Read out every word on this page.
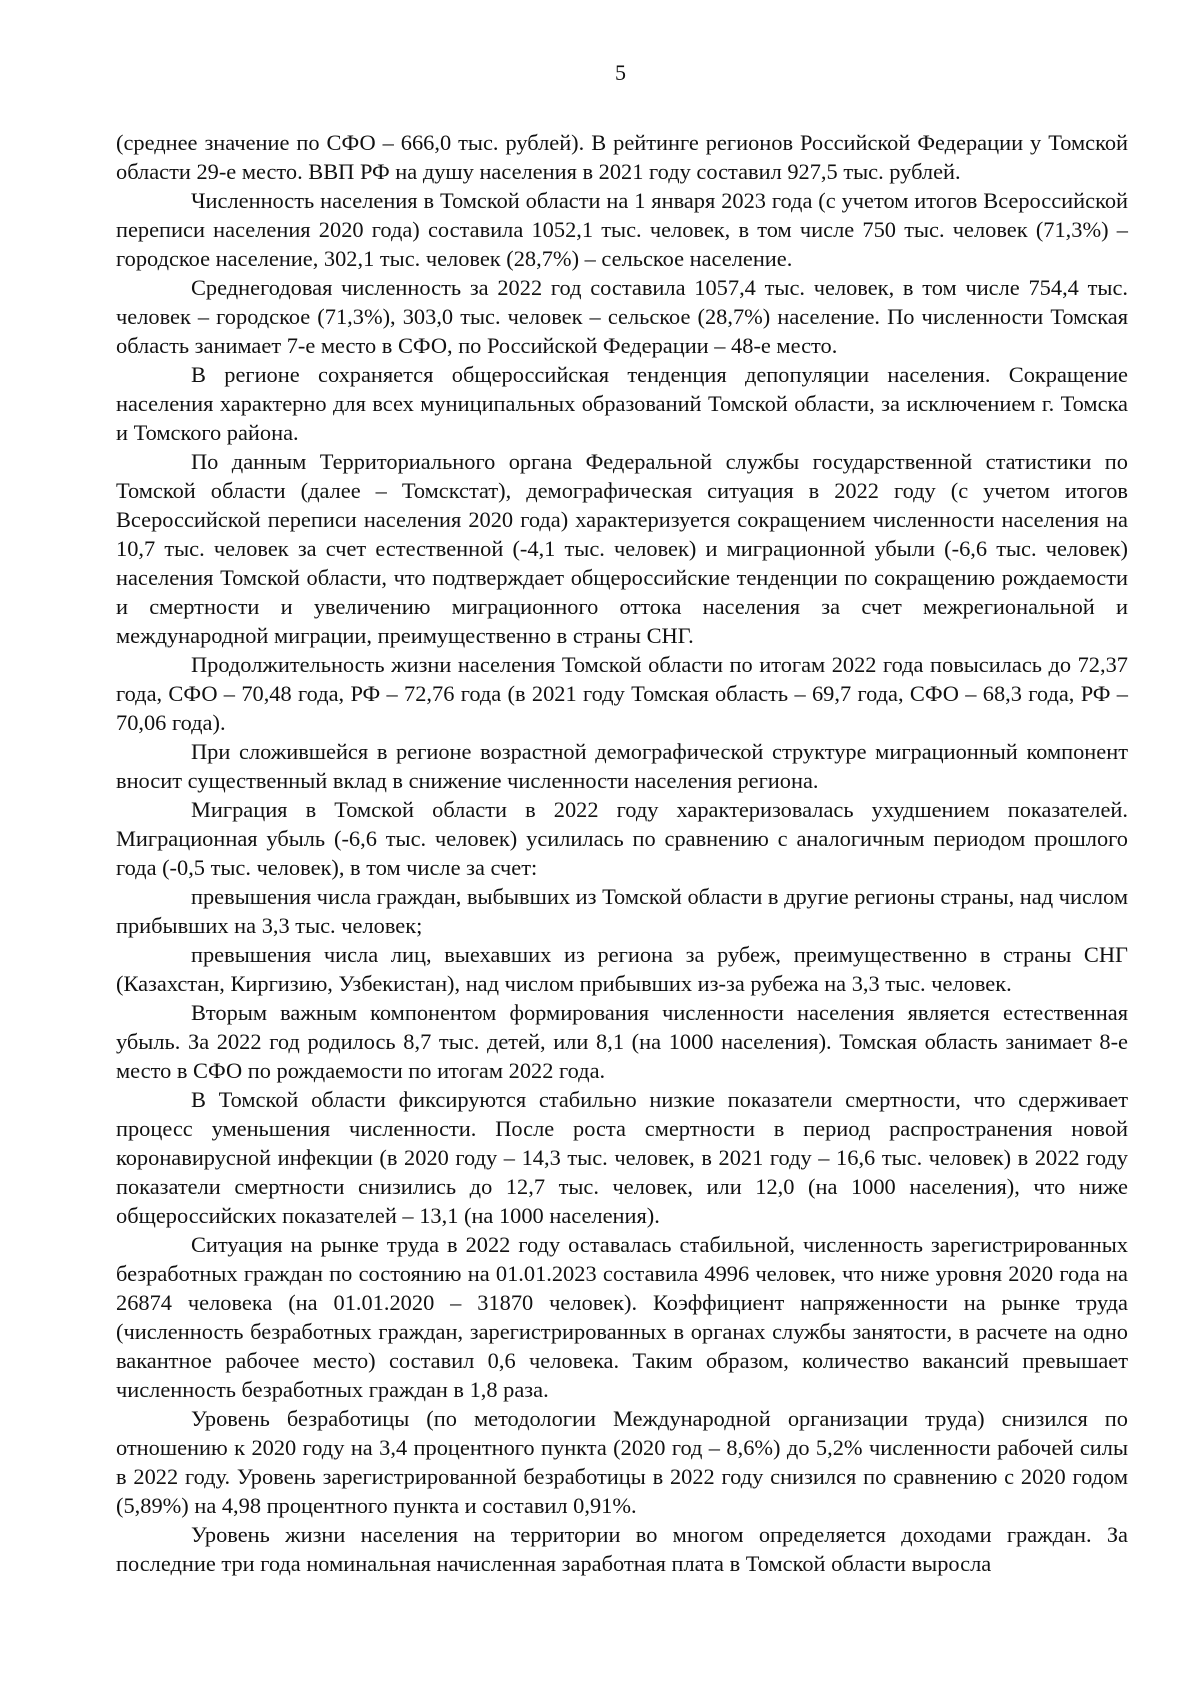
5

(среднее значение по СФО – 666,0 тыс. рублей). В рейтинге регионов Российской Федерации у Томской области 29-е место. ВВП РФ на душу населения в 2021 году составил 927,5 тыс. рублей.

Численность населения в Томской области на 1 января 2023 года (с учетом итогов Всероссийской переписи населения 2020 года) составила 1052,1 тыс. человек, в том числе 750 тыс. человек (71,3%) – городское население, 302,1 тыс. человек (28,7%) – сельское население.

Среднегодовая численность за 2022 год составила 1057,4 тыс. человек, в том числе 754,4 тыс. человек – городское (71,3%), 303,0 тыс. человек – сельское (28,7%) население. По численности Томская область занимает 7-е место в СФО, по Российской Федерации – 48-е место.

В регионе сохраняется общероссийская тенденция депопуляции населения. Сокращение населения характерно для всех муниципальных образований Томской области, за исключением г. Томска и Томского района.

По данным Территориального органа Федеральной службы государственной статистики по Томской области (далее – Томскстат), демографическая ситуация в 2022 году (с учетом итогов Всероссийской переписи населения 2020 года) характеризуется сокращением численности населения на 10,7 тыс. человек за счет естественной (-4,1 тыс. человек) и миграционной убыли (-6,6 тыс. человек) населения Томской области, что подтверждает общероссийские тенденции по сокращению рождаемости и смертности и увеличению миграционного оттока населения за счет межрегиональной и международной миграции, преимущественно в страны СНГ.

Продолжительность жизни населения Томской области по итогам 2022 года повысилась до 72,37 года, СФО – 70,48 года, РФ – 72,76 года (в 2021 году Томская область – 69,7 года, СФО – 68,3 года, РФ – 70,06 года).

При сложившейся в регионе возрастной демографической структуре миграционный компонент вносит существенный вклад в снижение численности населения региона.

Миграция в Томской области в 2022 году характеризовалась ухудшением показателей. Миграционная убыль (-6,6 тыс. человек) усилилась по сравнению с аналогичным периодом прошлого года (-0,5 тыс. человек), в том числе за счет:

превышения числа граждан, выбывших из Томской области в другие регионы страны, над числом прибывших на 3,3 тыс. человек;

превышения числа лиц, выехавших из региона за рубеж, преимущественно в страны СНГ (Казахстан, Киргизию, Узбекистан), над числом прибывших из-за рубежа на 3,3 тыс. человек.

Вторым важным компонентом формирования численности населения является естественная убыль. За 2022 год родилось 8,7 тыс. детей, или 8,1 (на 1000 населения). Томская область занимает 8-е место в СФО по рождаемости по итогам 2022 года.

В Томской области фиксируются стабильно низкие показатели смертности, что сдерживает процесс уменьшения численности. После роста смертности в период распространения новой коронавирусной инфекции (в 2020 году – 14,3 тыс. человек, в 2021 году – 16,6 тыс. человек) в 2022 году показатели смертности снизились до 12,7 тыс. человек, или 12,0 (на 1000 населения), что ниже общероссийских показателей – 13,1 (на 1000 населения).

Ситуация на рынке труда в 2022 году оставалась стабильной, численность зарегистрированных безработных граждан по состоянию на 01.01.2023 составила 4996 человек, что ниже уровня 2020 года на 26874 человека (на 01.01.2020 – 31870 человек). Коэффициент напряженности на рынке труда (численность безработных граждан, зарегистрированных в органах службы занятости, в расчете на одно вакантное рабочее место) составил 0,6 человека. Таким образом, количество вакансий превышает численность безработных граждан в 1,8 раза.

Уровень безработицы (по методологии Международной организации труда) снизился по отношению к 2020 году на 3,4 процентного пункта (2020 год – 8,6%) до 5,2% численности рабочей силы в 2022 году. Уровень зарегистрированной безработицы в 2022 году снизился по сравнению с 2020 годом (5,89%) на 4,98 процентного пункта и составил 0,91%.

Уровень жизни населения на территории во многом определяется доходами граждан. За последние три года номинальная начисленная заработная плата в Томской области выросла
